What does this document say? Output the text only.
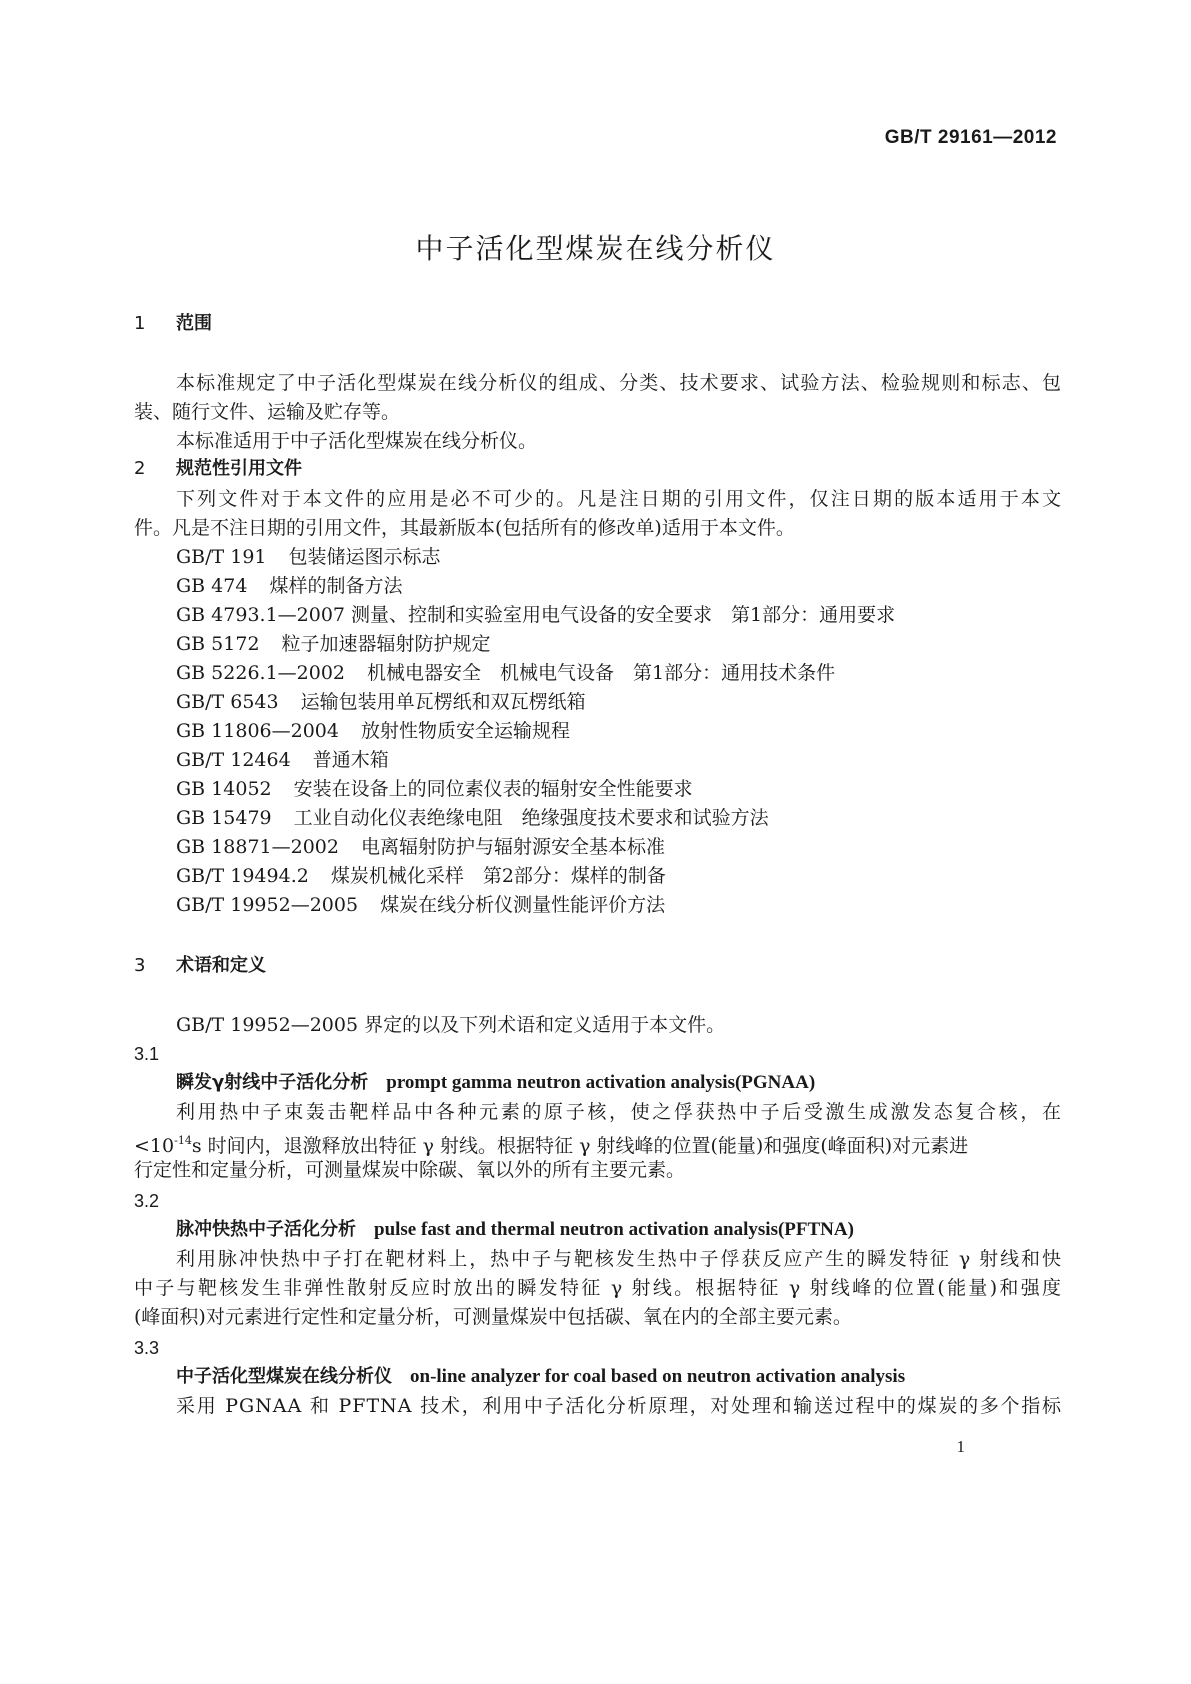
GB/T 29161—2012
中子活化型煤炭在线分析仪
1 范围
本标准规定了中子活化型煤炭在线分析仪的组成、分类、技术要求、试验方法、检验规则和标志、包
装、随行文件、运输及贮存等。
本标准适用于中子活化型煤炭在线分析仪。
2 规范性引用文件
下列文件对于本文件的应用是必不可少的。凡是注日期的引用文件，仅注日期的版本适用于本文
件。凡是不注日期的引用文件，其最新版本(包括所有的修改单)适用于本文件。
GB/T 191 包装储运图示标志
GB 474 煤样的制备方法
GB 4793.1—2007 测量、控制和实验室用电气设备的安全要求　第1部分：通用要求
GB 5172 粒子加速器辐射防护规定
GB 5226.1—2002 机械电器安全　机械电气设备　第1部分：通用技术条件
GB/T 6543 运输包装用单瓦楞纸和双瓦楞纸箱
GB 11806—2004 放射性物质安全运输规程
GB/T 12464 普通木箱
GB 14052 安装在设备上的同位素仪表的辐射安全性能要求
GB 15479 工业自动化仪表绝缘电阻　绝缘强度技术要求和试验方法
GB 18871—2002 电离辐射防护与辐射源安全基本标准
GB/T 19494.2 煤炭机械化采样　第2部分：煤样的制备
GB/T 19952—2005 煤炭在线分析仪测量性能评价方法
3 术语和定义
GB/T 19952—2005 界定的以及下列术语和定义适用于本文件。
3.1
瞬发γ射线中子活化分析 prompt gamma neutron activation analysis(PGNAA)
利用热中子束轰击靶样品中各种元素的原子核，使之俘获热中子后受激生成激发态复合核，在
$<10^{-14}s$ 时间内，退激释放出特征 γ 射线。根据特征 γ 射线峰的位置(能量)和强度(峰面积)对元素进
行定性和定量分析，可测量煤炭中除碳、氧以外的所有主要元素。
3.2
脉冲快热中子活化分析 pulse fast and thermal neutron activation analysis(PFTNA)
利用脉冲快热中子打在靶材料上，热中子与靶核发生热中子俘获反应产生的瞬发特征 γ 射线和快
中子与靶核发生非弹性散射反应时放出的瞬发特征 γ 射线。根据特征 γ 射线峰的位置(能量)和强度
(峰面积)对元素进行定性和定量分析，可测量煤炭中包括碳、氧在内的全部主要元素。
3.3
中子活化型煤炭在线分析仪 on-line analyzer for coal based on neutron activation analysis
采用 PGNAA 和 PFTNA 技术，利用中子活化分析原理，对处理和输送过程中的煤炭的多个指标
1
